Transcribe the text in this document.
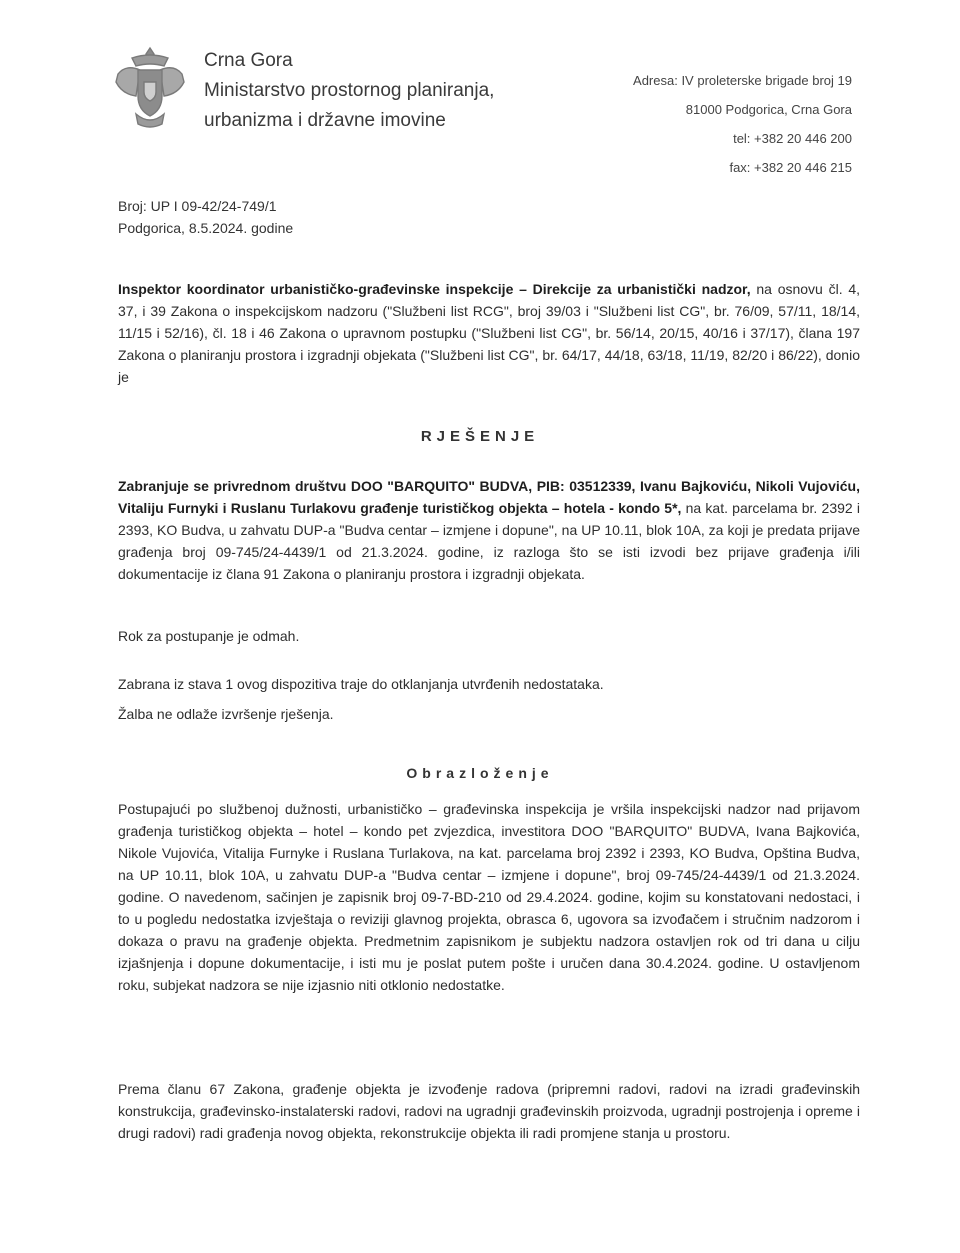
Crna Gora
Ministarstvo prostornog planiranja,
urbanizma i državne imovine
Adresa: IV proleterske brigade broj 19
81000 Podgorica, Crna Gora
tel: +382 20 446 200
fax: +382 20 446 215
Broj: UP I 09-42/24-749/1
Podgorica, 8.5.2024. godine
Inspektor koordinator urbanističko-građevinske inspekcije – Direkcije za urbanistički nadzor, na osnovu čl. 4, 37, i 39 Zakona o inspekcijskom nadzoru ("Službeni list RCG", broj 39/03 i "Službeni list CG", br. 76/09, 57/11, 18/14, 11/15 i 52/16), čl. 18 i 46 Zakona o upravnom postupku ("Službeni list CG", br. 56/14, 20/15, 40/16 i 37/17), člana 197 Zakona o planiranju prostora i izgradnji objekata ("Službeni list CG", br. 64/17, 44/18, 63/18, 11/19, 82/20 i 86/22), donio je
RJEŠENJE
Zabranjuje se privrednom društvu DOO "BARQUITO" BUDVA, PIB: 03512339, Ivanu Bajkoviću, Nikoli Vujoviću, Vitaliju Furnyki i Ruslanu Turlakovu građenje turističkog objekta – hotela - kondo 5*, na kat. parcelama br. 2392 i 2393, KO Budva, u zahvatu DUP-a "Budva centar – izmjene i dopune", na UP 10.11, blok 10A, za koji je predata prijave građenja broj 09-745/24-4439/1 od 21.3.2024. godine, iz razloga što se isti izvodi bez prijave građenja i/ili dokumentacije iz člana 91 Zakona o planiranju prostora i izgradnji objekata.
Rok za postupanje je odmah.
Zabrana iz stava 1 ovog dispozitiva traje do otklanjanja utvrđenih nedostataka.
Žalba ne odlaže izvršenje rješenja.
Obrazloženje
Postupajući po službenoj dužnosti, urbanističko – građevinska inspekcija je vršila inspekcijski nadzor nad prijavom građenja turističkog objekta – hotel – kondo pet zvjezdica, investitora DOO "BARQUITO" BUDVA, Ivana Bajkovića, Nikole Vujovića, Vitalija Furnyke i Ruslana Turlakova, na kat. parcelama broj 2392 i 2393, KO Budva, Opština Budva, na UP 10.11, blok 10A, u zahvatu DUP-a "Budva centar – izmjene i dopune", broj 09-745/24-4439/1 od 21.3.2024. godine. O navedenom, sačinjen je zapisnik broj 09-7-BD-210 od 29.4.2024. godine, kojim su konstatovani nedostaci, i to u pogledu nedostatka izvještaja o reviziji glavnog projekta, obrasca 6, ugovora sa izvođačem i stručnim nadzorom i dokaza o pravu na građenje objekta. Predmetnim zapisnikom je subjektu nadzora ostavljen rok od tri dana u cilju izjašnjenja i dopune dokumentacije, i isti mu je poslat putem pošte i uručen dana 30.4.2024. godine. U ostavljenom roku, subjekat nadzora se nije izjasnio niti otklonio nedostatke.
Prema članu 67 Zakona, građenje objekta je izvođenje radova (pripremni radovi, radovi na izradi građevinskih konstrukcija, građevinsko-instalaterski radovi, radovi na ugradnji građevinskih proizvoda, ugradnji postrojenja i opreme i drugi radovi) radi građenja novog objekta, rekonstrukcije objekta ili radi promjene stanja u prostoru.
